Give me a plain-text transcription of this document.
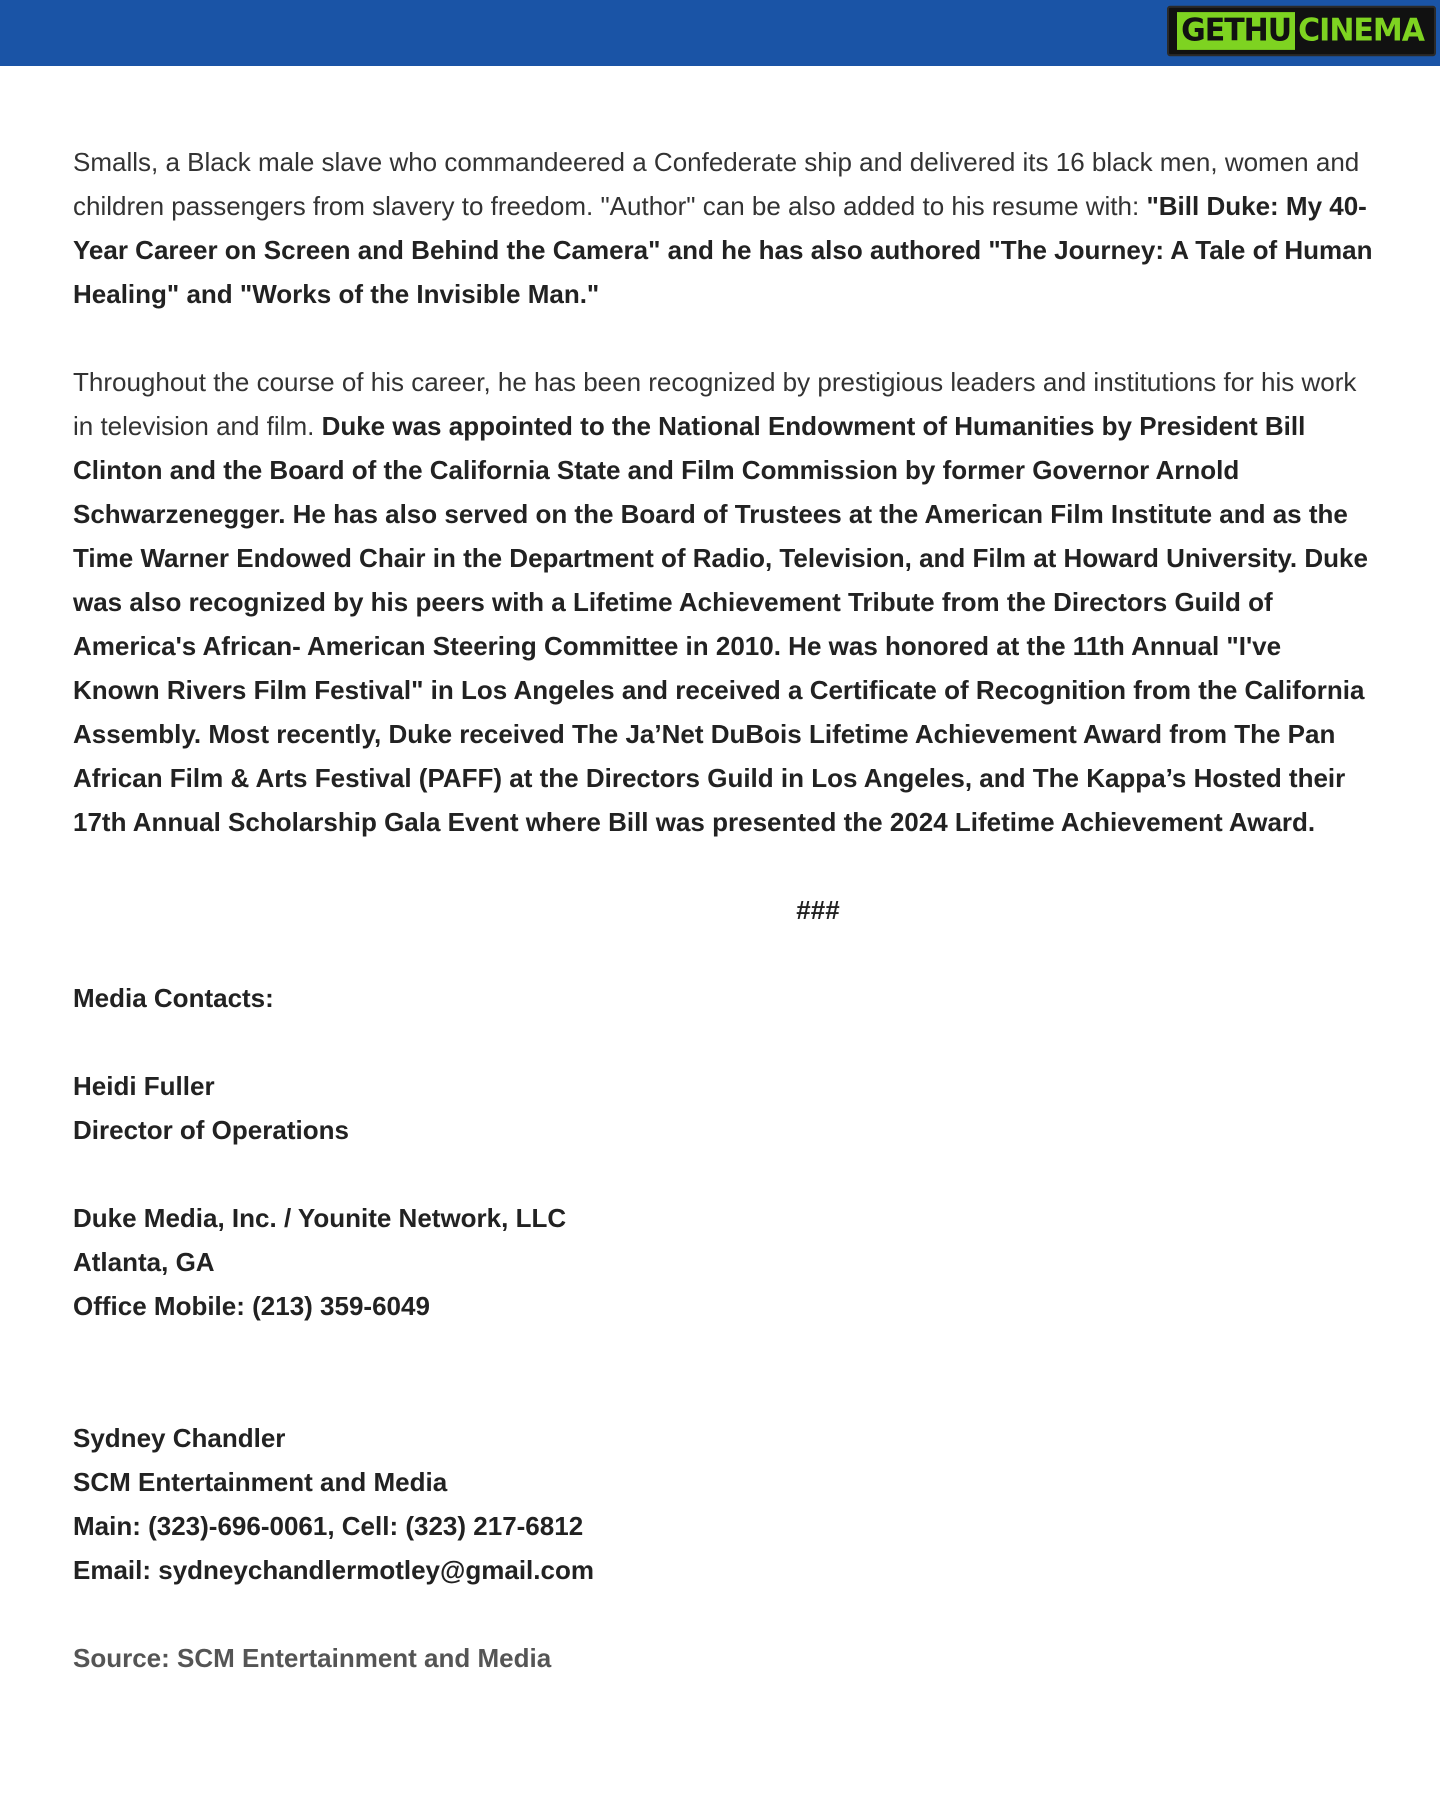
GETHU CINEMA

Smalls, a Black male slave who commandeered a Confederate ship and delivered its 16 black men, women and children passengers from slavery to freedom. "Author" can be also added to his resume with: "Bill Duke: My 40-Year Career on Screen and Behind the Camera" and he has also authored "The Journey: A Tale of Human Healing" and "Works of the Invisible Man."

Throughout the course of his career, he has been recognized by prestigious leaders and institutions for his work in television and film. Duke was appointed to the National Endowment of Humanities by President Bill Clinton and the Board of the California State and Film Commission by former Governor Arnold Schwarzenegger. He has also served on the Board of Trustees at the American Film Institute and as the Time Warner Endowed Chair in the Department of Radio, Television, and Film at Howard University. Duke was also recognized by his peers with a Lifetime Achievement Tribute from the Directors Guild of America's African- American Steering Committee in 2010. He was honored at the 11th Annual "I've Known Rivers Film Festival" in Los Angeles and received a Certificate of Recognition from the California Assembly. Most recently, Duke received The Ja’Net DuBois Lifetime Achievement Award from The Pan African Film & Arts Festival (PAFF) at the Directors Guild in Los Angeles, and The Kappa’s Hosted their 17th Annual Scholarship Gala Event where Bill was presented the 2024 Lifetime Achievement Award.

###

Media Contacts:

Heidi Fuller

Director of Operations

Duke Media, Inc. / Younite Network, LLC

Atlanta, GA

Office Mobile: (213) 359-6049

Sydney Chandler

SCM Entertainment and Media

Main: (323)-696-0061, Cell: (323) 217-6812

Email: sydneychandlermotley@gmail.com

Source: SCM Entertainment and Media
